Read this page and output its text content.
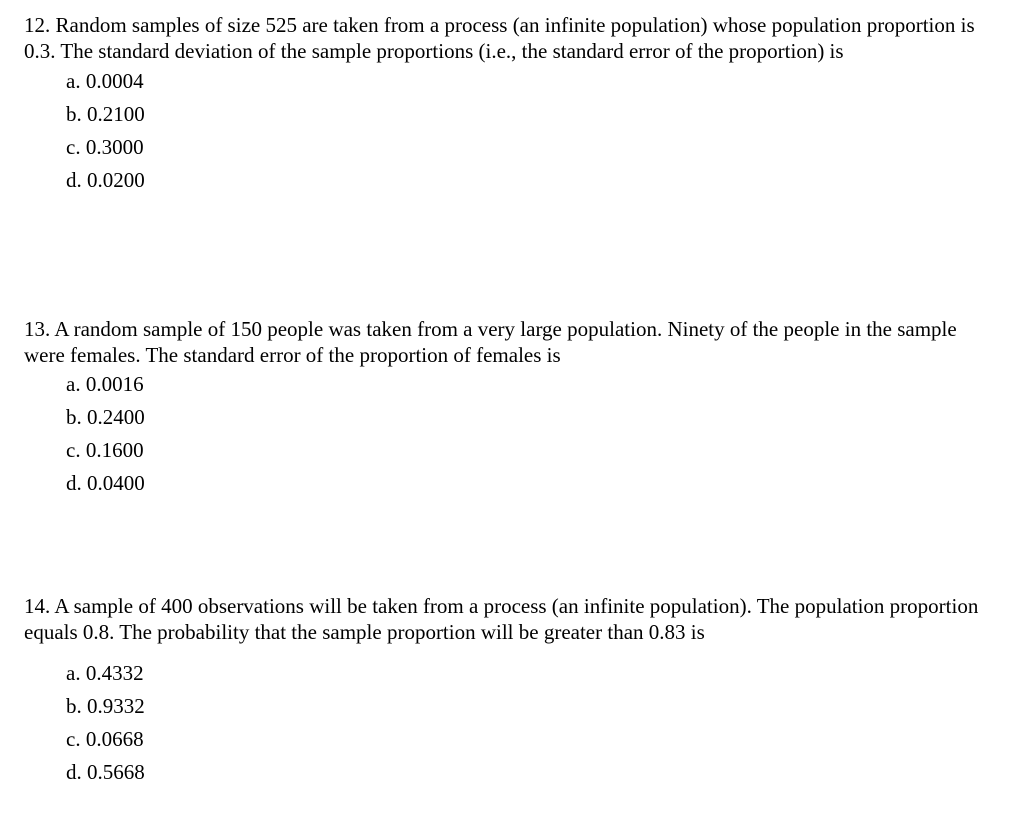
12. Random samples of size 525 are taken from a process (an infinite population) whose population proportion is 0.3. The standard deviation of the sample proportions (i.e., the standard error of the proportion) is

a. 0.0004
b. 0.2100
c. 0.3000
d. 0.0200

13. A random sample of 150 people was taken from a very large population. Ninety of the people in the sample were females. The standard error of the proportion of females is

a. 0.0016
b. 0.2400
c. 0.1600
d. 0.0400

14. A sample of 400 observations will be taken from a process (an infinite population). The population proportion equals 0.8. The probability that the sample proportion will be greater than 0.83 is

a. 0.4332
b. 0.9332
c. 0.0668
d. 0.5668
